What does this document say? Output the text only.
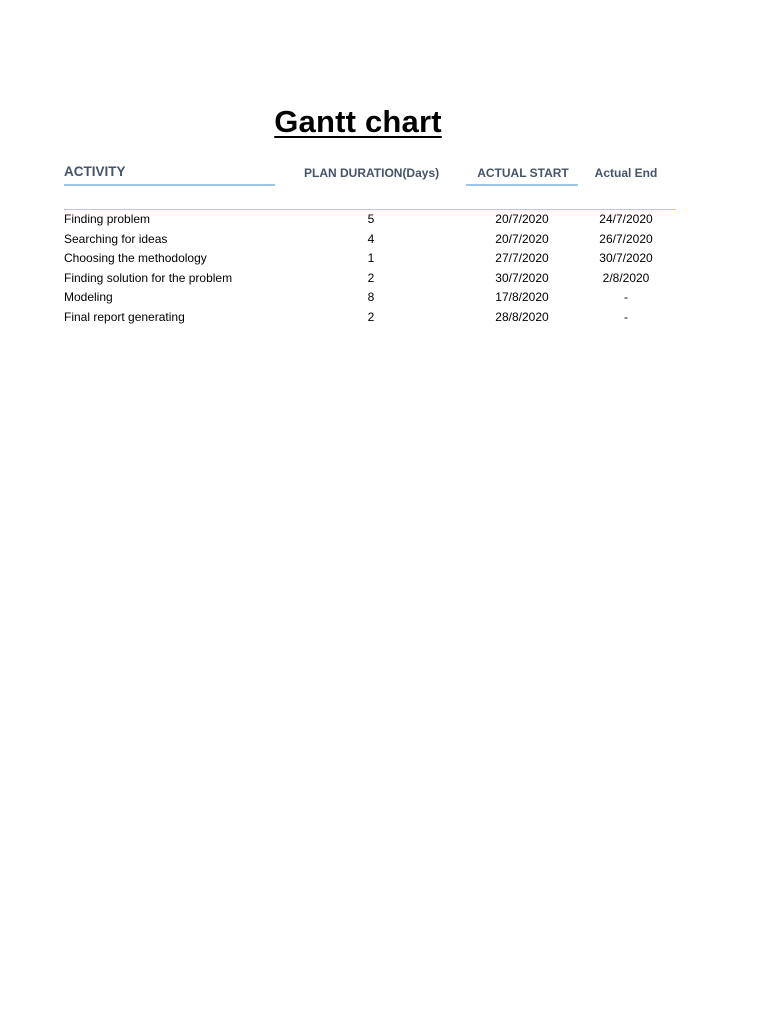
Gantt chart
ACTIVITY	PLAN DURATION(Days)	ACTUAL START	Actual End
Finding problem	5	20/7/2020	24/7/2020
Searching for ideas	4	20/7/2020	26/7/2020
Choosing the methodology	1	27/7/2020	30/7/2020
Finding solution for the problem	2	30/7/2020	2/8/2020
Modeling	8	17/8/2020	-
Final report generating	2	28/8/2020	-
